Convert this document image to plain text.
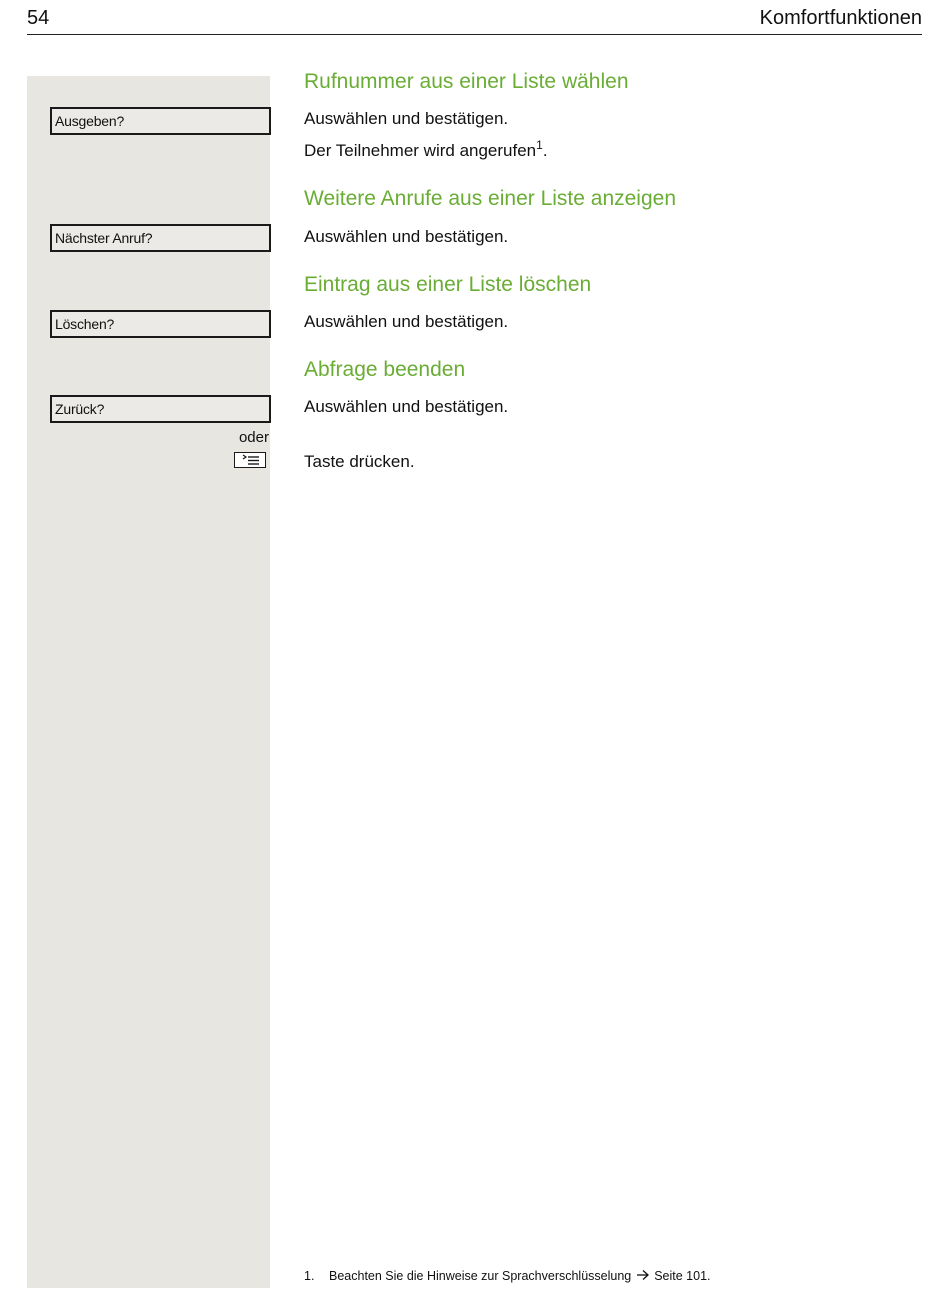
54	Komfortfunktionen
Ausgeben?
Nächster Anruf?
Löschen?
Zurück?
oder
Rufnummer aus einer Liste wählen
Auswählen und bestätigen.
Der Teilnehmer wird angerufen$^1$.
Weitere Anrufe aus einer Liste anzeigen
Auswählen und bestätigen.
Eintrag aus einer Liste löschen
Auswählen und bestätigen.
Abfrage beenden
Auswählen und bestätigen.
Taste drücken.
1. Beachten Sie die Hinweise zur Sprachverschlüsselung Seite 101.
